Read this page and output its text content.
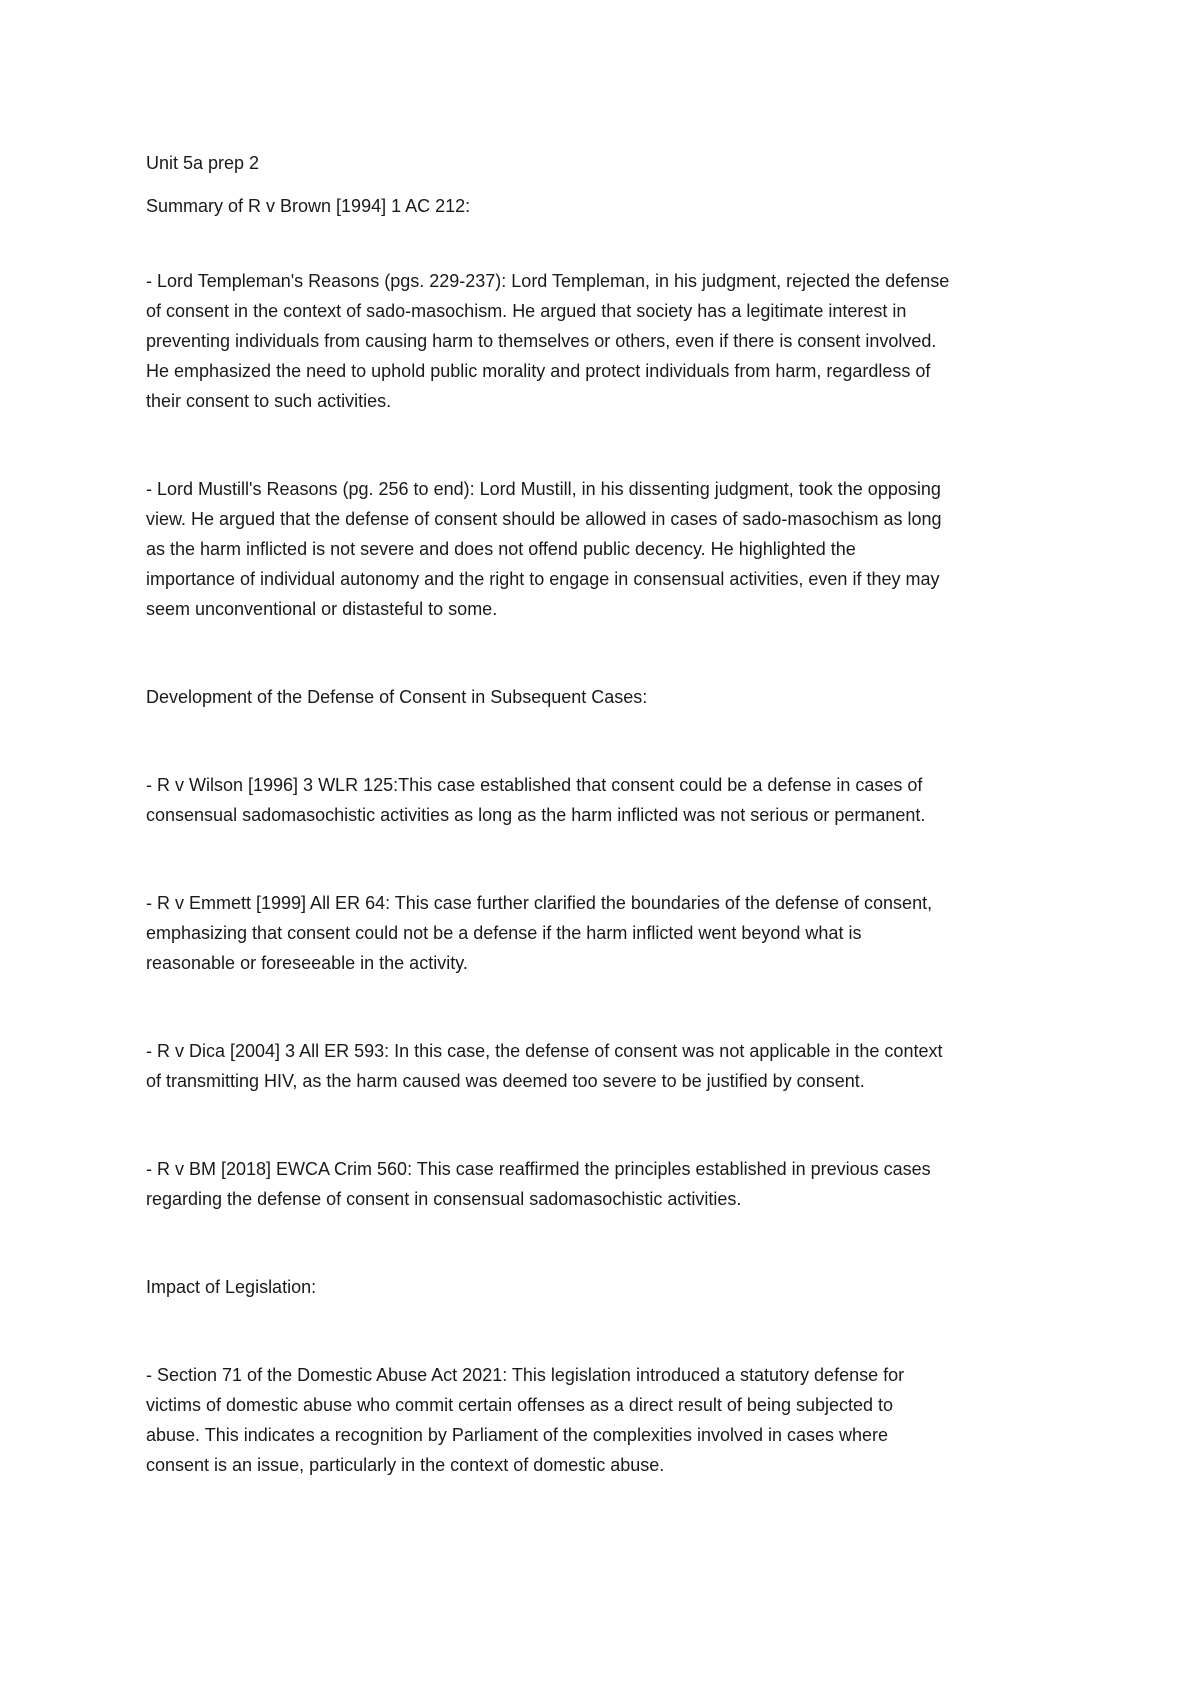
Unit 5a prep 2
Summary of R v Brown [1994] 1 AC 212:
- Lord Templeman's Reasons (pgs. 229-237): Lord Templeman, in his judgment, rejected the defense
of consent in the context of sado-masochism. He argued that society has a legitimate interest in
preventing individuals from causing harm to themselves or others, even if there is consent involved.
He emphasized the need to uphold public morality and protect individuals from harm, regardless of
their consent to such activities.
- Lord Mustill's Reasons (pg. 256 to end): Lord Mustill, in his dissenting judgment, took the opposing
view. He argued that the defense of consent should be allowed in cases of sado-masochism as long
as the harm inflicted is not severe and does not offend public decency. He highlighted the
importance of individual autonomy and the right to engage in consensual activities, even if they may
seem unconventional or distasteful to some.
Development of the Defense of Consent in Subsequent Cases:
- R v Wilson [1996] 3 WLR 125:This case established that consent could be a defense in cases of
consensual sadomasochistic activities as long as the harm inflicted was not serious or permanent.
- R v Emmett [1999] All ER 64: This case further clarified the boundaries of the defense of consent,
emphasizing that consent could not be a defense if the harm inflicted went beyond what is
reasonable or foreseeable in the activity.
- R v Dica [2004] 3 All ER 593: In this case, the defense of consent was not applicable in the context
of transmitting HIV, as the harm caused was deemed too severe to be justified by consent.
- R v BM [2018] EWCA Crim 560: This case reaffirmed the principles established in previous cases
regarding the defense of consent in consensual sadomasochistic activities.
Impact of Legislation:
- Section 71 of the Domestic Abuse Act 2021: This legislation introduced a statutory defense for
victims of domestic abuse who commit certain offenses as a direct result of being subjected to
abuse. This indicates a recognition by Parliament of the complexities involved in cases where
consent is an issue, particularly in the context of domestic abuse.
